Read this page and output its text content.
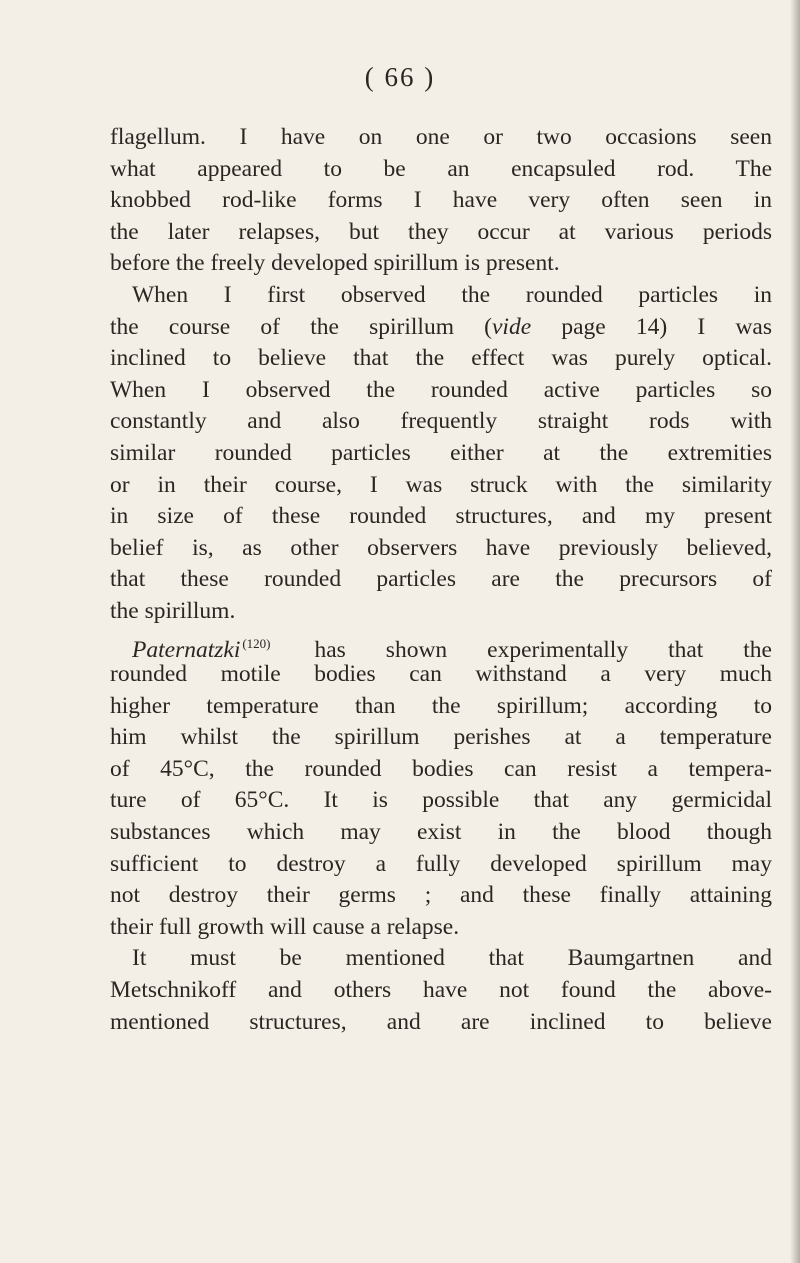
( 66 )
flagellum. I have on one or two occasions seen
what appeared to be an encapsuled rod. The
knobbed rod-like forms I have very often seen in
the later relapses, but they occur at various periods
before the freely developed spirillum is present.
When I first observed the rounded particles in
the course of the spirillum (vide page 14) I was
inclined to believe that the effect was purely optical.
When I observed the rounded active particles so
constantly and also frequently straight rods with
similar rounded particles either at the extremities
or in their course, I was struck with the similarity
in size of these rounded structures, and my present
belief is, as other observers have previously believed,
that these rounded particles are the precursors of
the spirillum.
Paternatzki $^{(120)}$ has shown experimentally that the
rounded motile bodies can withstand a very much
higher temperature than the spirillum; according to
him whilst the spirillum perishes at a temperature
of 45°C, the rounded bodies can resist a tempera-
ture of 65°C. It is possible that any germicidal
substances which may exist in the blood though
sufficient to destroy a fully developed spirillum may
not destroy their germs ; and these finally attaining
their full growth will cause a relapse.
It must be mentioned that Baumgartnen and
Metschnikoff and others have not found the above-
mentioned structures, and are inclined to believe
